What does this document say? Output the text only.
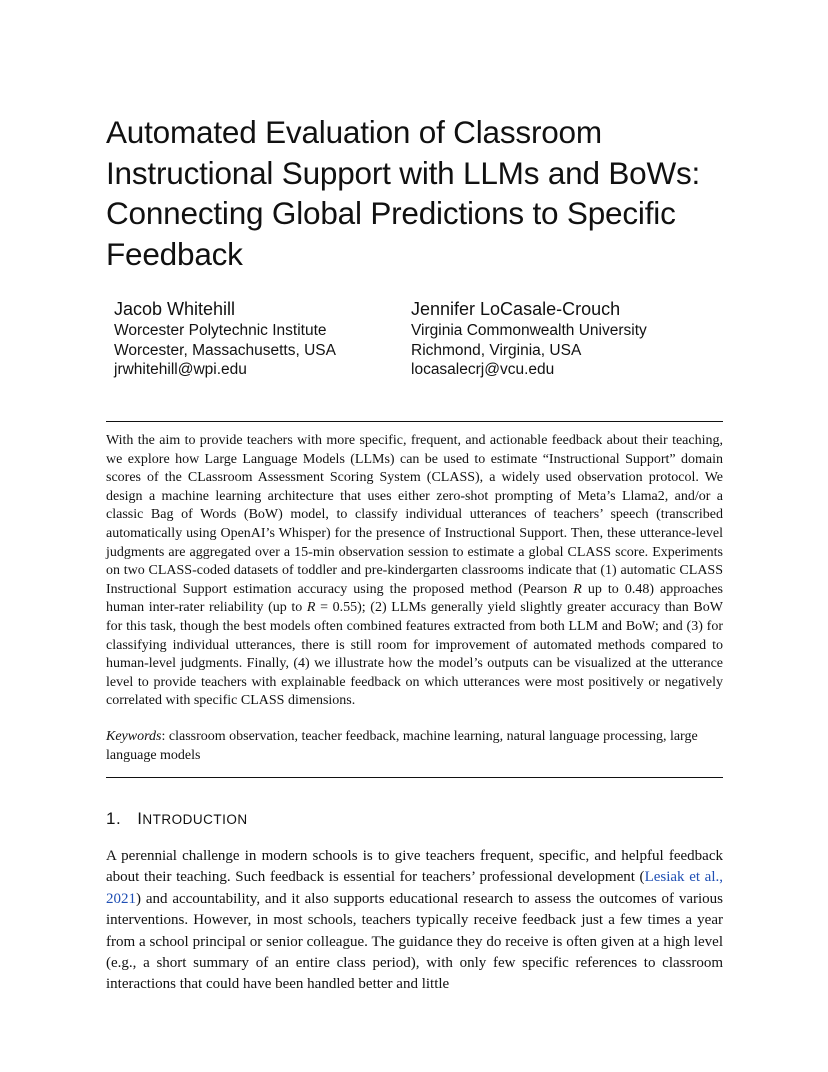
Automated Evaluation of Classroom
Instructional Support with LLMs and BoWs:
Connecting Global Predictions to Specific
Feedback
Jacob Whitehill
Worcester Polytechnic Institute
Worcester, Massachusetts, USA
jrwhitehill@wpi.edu
Jennifer LoCasale-Crouch
Virginia Commonwealth University
Richmond, Virginia, USA
locasalecrj@vcu.edu

With the aim to provide teachers with more specific, frequent, and actionable feedback about their teaching, we explore how Large Language Models (LLMs) can be used to estimate “Instructional Support” domain scores of the CLassroom Assessment Scoring System (CLASS), a widely used observation protocol. We design a machine learning architecture that uses either zero-shot prompting of Meta’s Llama2, and/or a classic Bag of Words (BoW) model, to classify individual utterances of teachers’ speech (transcribed automatically using OpenAI’s Whisper) for the presence of Instructional Support. Then, these utterance-level judgments are aggregated over a 15-min observation session to estimate a global CLASS score. Experiments on two CLASS-coded datasets of toddler and pre-kindergarten classrooms indicate that (1) automatic CLASS Instructional Support estimation accuracy using the proposed method (Pearson R up to 0.48) approaches human inter-rater reliability (up to R = 0.55); (2) LLMs generally yield slightly greater accuracy than BoW for this task, though the best models often combined features extracted from both LLM and BoW; and (3) for classifying individual utterances, there is still room for improvement of automated methods compared to human-level judgments. Finally, (4) we illustrate how the model’s outputs can be visualized at the utterance level to provide teachers with explainable feedback on which utterances were most positively or negatively correlated with specific CLASS dimensions.

Keywords: classroom observation, teacher feedback, machine learning, natural language processing, large language models

1. INTRODUCTION

A perennial challenge in modern schools is to give teachers frequent, specific, and helpful feedback about their teaching. Such feedback is essential for teachers’ professional development (Lesiak et al., 2021) and accountability, and it also supports educational research to assess the outcomes of various interventions. However, in most schools, teachers typically receive feedback just a few times a year from a school principal or senior colleague. The guidance they do receive is often given at a high level (e.g., a short summary of an entire class period), with only few specific references to classroom interactions that could have been handled better and little
